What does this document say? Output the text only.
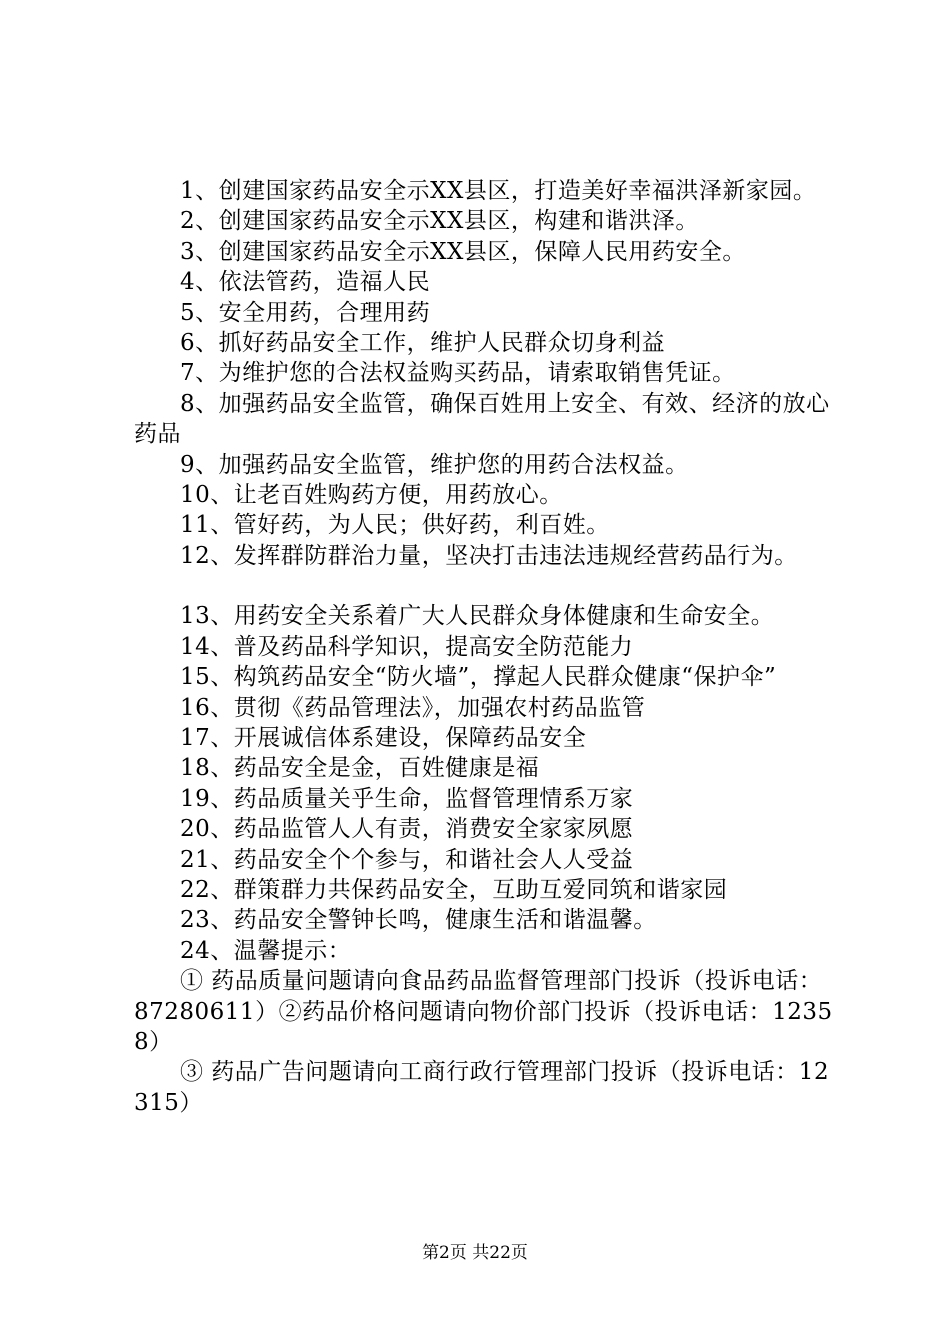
1、创建国家药品安全示XX县区，打造美好幸福洪泽新家园。

2、创建国家药品安全示XX县区，构建和谐洪泽。

3、创建国家药品安全示XX县区，保障人民用药安全。

4、依法管药，造福人民

5、安全用药，合理用药

6、抓好药品安全工作，维护人民群众切身利益

7、为维护您的合法权益购买药品，请索取销售凭证。

8、加强药品安全监管，确保百姓用上安全、有效、经济的放心药品

9、加强药品安全监管，维护您的用药合法权益。

10、让老百姓购药方便，用药放心。

11、管好药，为人民；供好药，利百姓。

12、发挥群防群治力量，坚决打击违法违规经营药品行为。

13、用药安全关系着广大人民群众身体健康和生命安全。

14、普及药品科学知识，提高安全防范能力

15、构筑药品安全“防火墙”，撑起人民群众健康“保护伞”

16、贯彻《药品管理法》，加强农村药品监管

17、开展诚信体系建设，保障药品安全

18、药品安全是金，百姓健康是福

19、药品质量关乎生命，监督管理情系万家

20、药品监管人人有责，消费安全家家夙愿

21、药品安全个个参与，和谐社会人人受益

22、群策群力共保药品安全，互助互爱同筑和谐家园

23、药品安全警钟长鸣，健康生活和谐温馨。

24、温馨提示：

① 药品质量问题请向食品药品监督管理部门投诉（投诉电话：87280611）②药品价格问题请向物价部门投诉（投诉电话：12358）

③ 药品广告问题请向工商行政行管理部门投诉（投诉电话：12315）

第2页 共22页
